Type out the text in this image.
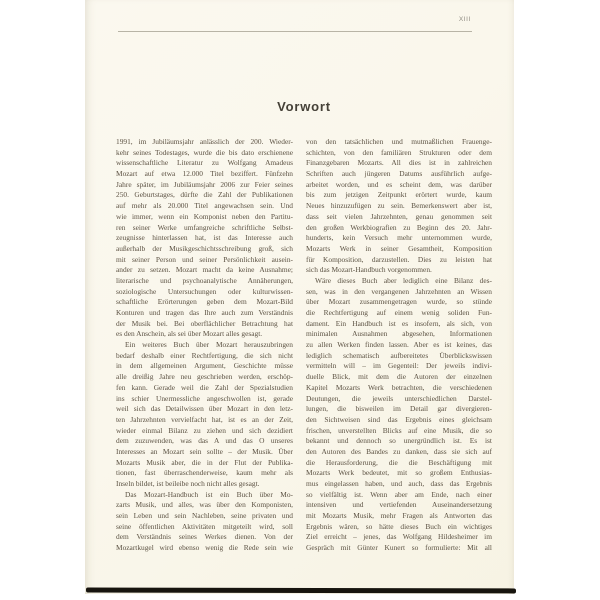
XIII
Vorwort
1991, im Jubiläumsjahr anlässlich der 200. Wieder-
kehr seines Todestages, wurde die bis dato erschienene
wissenschaftliche Literatur zu Wolfgang Amadeus
Mozart auf etwa 12.000 Titel beziffert. Fünfzehn
Jahre später, im Jubiläumsjahr 2006 zur Feier seines
250. Geburtstages, dürfte die Zahl der Publikationen
auf mehr als 20.000 Titel angewachsen sein. Und
wie immer, wenn ein Komponist neben den Partitu-
ren seiner Werke umfangreiche schriftliche Selbst-
zeugnisse hinterlassen hat, ist das Interesse auch
außerhalb der Musikgeschichtsschreibung groß, sich
mit seiner Person und seiner Persönlichkeit ausein-
ander zu setzen. Mozart macht da keine Ausnahme;
literarische und psychoanalytische Annäherungen,
soziologische Untersuchungen oder kulturwissen-
schaftliche Erörterungen geben dem Mozart-Bild
Konturen und tragen das Ihre auch zum Verständnis
der Musik bei. Bei oberflächlicher Betrachtung hat
es den Anschein, als sei über Mozart alles gesagt.
Ein weiteres Buch über Mozart herauszubringen
bedarf deshalb einer Rechtfertigung, die sich nicht
in dem allgemeinen Argument, Geschichte müsse
alle dreißig Jahre neu geschrieben werden, erschöp-
fen kann. Gerade weil die Zahl der Spezialstudien
ins schier Unermessliche angeschwollen ist, gerade
weil sich das Detailwissen über Mozart in den letz-
ten Jahrzehnten vervielfacht hat, ist es an der Zeit,
wieder einmal Bilanz zu ziehen und sich dezidiert
dem zuzuwenden, was das A und das O unseres
Interesses an Mozart sein sollte – der Musik. Über
Mozarts Musik aber, die in der Flut der Publika-
tionen, fast überraschenderweise, kaum mehr als
Inseln bildet, ist beileibe noch nicht alles gesagt.
Das Mozart-Handbuch ist ein Buch über Mo-
zarts Musik, und alles, was über den Komponisten,
sein Leben und sein Nachleben, seine privaten und
seine öffentlichen Aktivitäten mitgeteilt wird, soll
dem Verständnis seines Werkes dienen. Von der
Mozartkugel wird ebenso wenig die Rede sein wie
von den tatsächlichen und mutmaßlichen Frauenge-
schichten, von den familiären Strukturen oder dem
Finanzgebaren Mozarts. All dies ist in zahlreichen
Schriften auch jüngeren Datums ausführlich aufge-
arbeitet worden, und es scheint dem, was darüber
bis zum jetzigen Zeitpunkt erörtert wurde, kaum
Neues hinzuzufügen zu sein. Bemerkenswert aber ist,
dass seit vielen Jahrzehnten, genau genommen seit
den großen Werkbiografien zu Beginn des 20. Jahr-
hunderts, kein Versuch mehr unternommen wurde,
Mozarts Werk in seiner Gesamtheit, Komposition
für Komposition, darzustellen. Dies zu leisten hat
sich das Mozart-Handbuch vorgenommen.
Wäre dieses Buch aber lediglich eine Bilanz des-
sen, was in den vergangenen Jahrzehnten an Wissen
über Mozart zusammengetragen wurde, so stünde
die Rechtfertigung auf einem wenig soliden Fun-
dament. Ein Handbuch ist es insofern, als sich, von
minimalen Ausnahmen abgesehen, Informationen
zu allen Werken finden lassen. Aber es ist keines, das
lediglich schematisch aufbereitetes Überblickswissen
vermitteln will – im Gegenteil: Der jeweils indivi-
duelle Blick, mit dem die Autoren der einzelnen
Kapitel Mozarts Werk betrachten, die verschiedenen
Deutungen, die jeweils unterschiedlichen Darstel-
lungen, die bisweilen im Detail gar divergieren-
den Sichtweisen sind das Ergebnis eines gleichsam
frischen, unverstellten Blicks auf eine Musik, die so
bekannt und dennoch so unergründlich ist. Es ist
den Autoren des Bandes zu danken, dass sie sich auf
die Herausforderung, die die Beschäftigung mit
Mozarts Werk bedeutet, mit so großem Enthusias-
mus eingelassen haben, und auch, dass das Ergebnis
so vielfältig ist. Wenn aber am Ende, nach einer
intensiven und vertiefenden Auseinandersetzung
mit Mozarts Musik, mehr Fragen als Antworten das
Ergebnis wären, so hätte dieses Buch ein wichtiges
Ziel erreicht – jenes, das Wolfgang Hildesheimer im
Gespräch mit Günter Kunert so formulierte: Mit all
